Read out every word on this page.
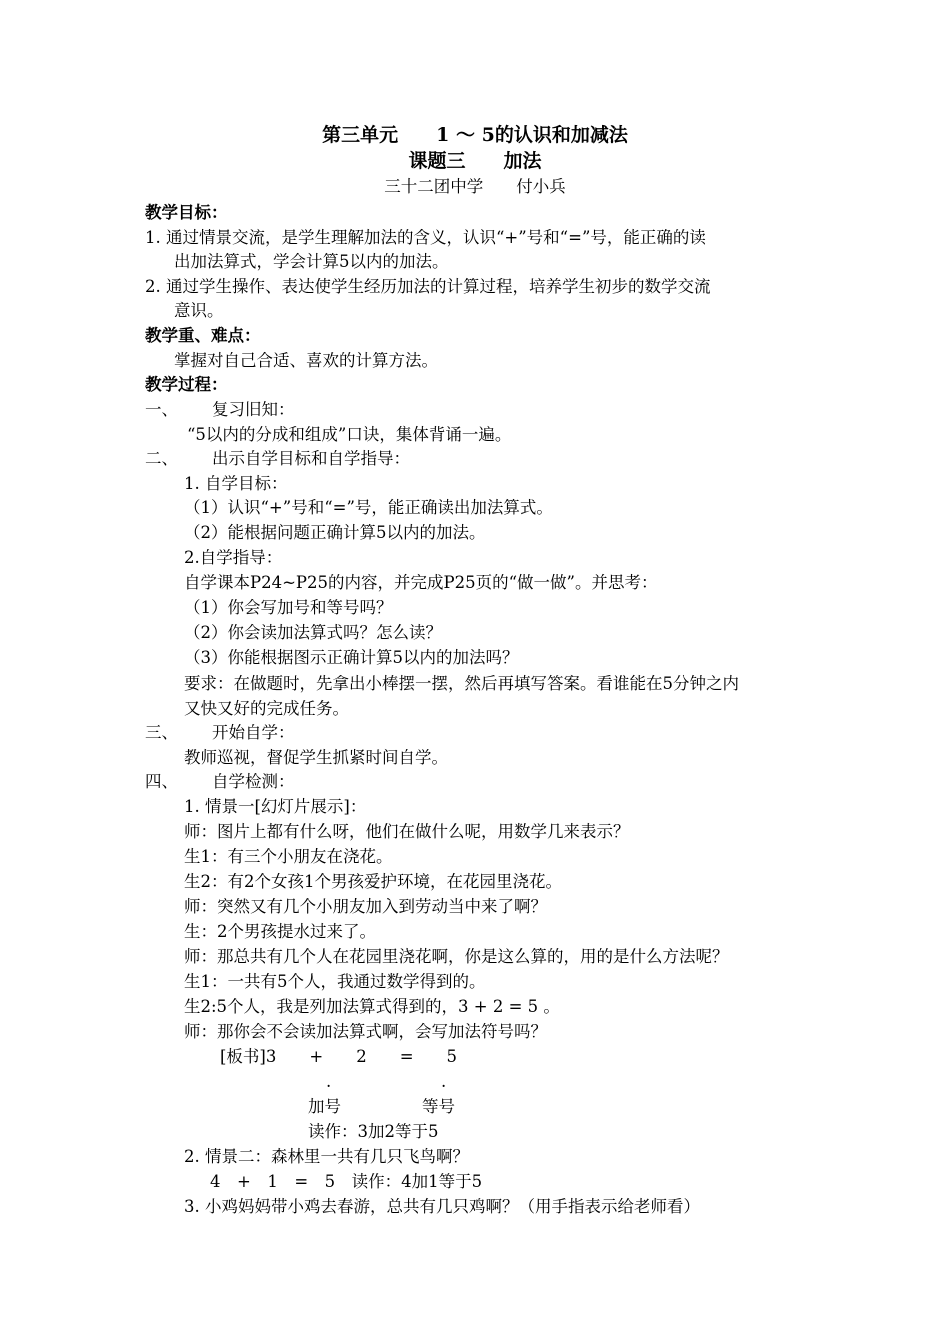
第三单元　　1 ～ 5的认识和加减法
课题三　　加法
三十二团中学　　付小兵
教学目标：
1. 通过情景交流，是学生理解加法的含义，认识“+”号和“=”号，能正确的读
出加法算式，学会计算5以内的加法。
2. 通过学生操作、表达使学生经历加法的计算过程，培养学生初步的数学交流
意识。
教学重、难点：
掌握对自己合适、喜欢的计算方法。
教学过程：
一、 复习旧知：
“5以内的分成和组成”口诀，集体背诵一遍。
二、 出示自学目标和自学指导：
1. 自学目标：
（1）认识“+”号和“=”号，能正确读出加法算式。
（2）能根据问题正确计算5以内的加法。
2.自学指导：
自学课本P24~P25的内容，并完成P25页的“做一做”。并思考：
（1）你会写加号和等号吗？
（2）你会读加法算式吗？怎么读？
（3）你能根据图示正确计算5以内的加法吗？
要求：在做题时，先拿出小棒摆一摆，然后再填写答案。看谁能在5分钟之内
又快又好的完成任务。
三、 开始自学：
教师巡视，督促学生抓紧时间自学。
四、 自学检测：
1. 情景一[幻灯片展示]：
师：图片上都有什么呀，他们在做什么呢，用数学几来表示？
生1：有三个小朋友在浇花。
生2：有2个女孩1个男孩爱护环境，在花园里浇花。
师：突然又有几个小朋友加入到劳动当中来了啊？
生：2个男孩提水过来了。
师：那总共有几个人在花园里浇花啊，你是这么算的，用的是什么方法呢？
生1：一共有5个人，我通过数学得到的。
生2:5个人，我是列加法算式得到的，3 + 2 = 5 。
师：那你会不会读加法算式啊，会写加法符号吗？
[板书]3　　+　　2　　=　　5
.	.
加号	等号
读作：3加2等于5
2. 情景二：森林里一共有几只飞鸟啊？
4　+　1　=　5　读作：4加1等于5
3. 小鸡妈妈带小鸡去春游，总共有几只鸡啊？（用手指表示给老师看）
